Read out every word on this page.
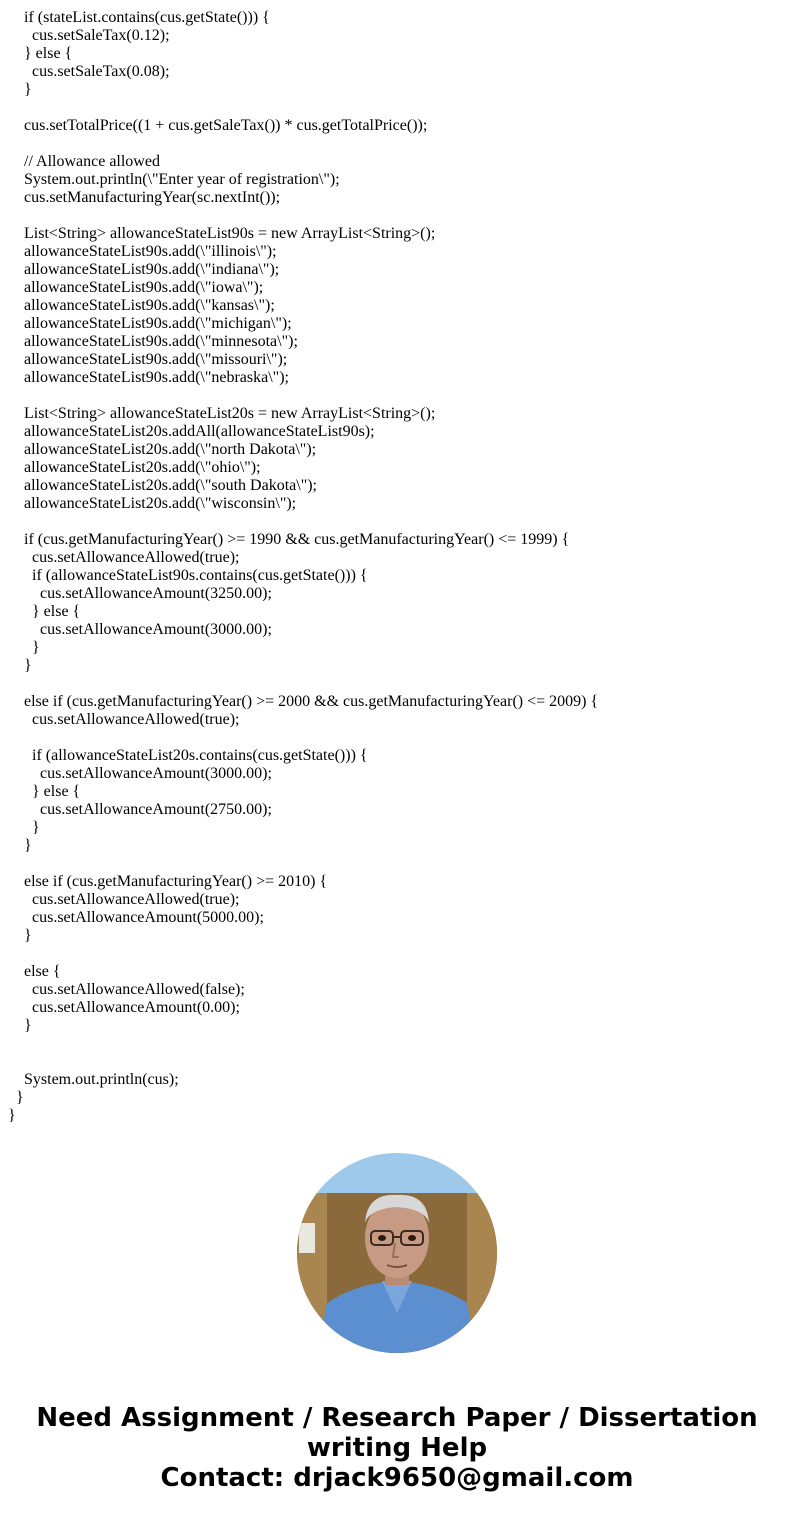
if (stateList.contains(cus.getState())) {
cus.setSaleTax(0.12);
} else {
cus.setSaleTax(0.08);
}
cus.setTotalPrice((1 + cus.getSaleTax()) * cus.getTotalPrice());
// Allowance allowed
System.out.println(\"Enter year of registration\");
cus.setManufacturingYear(sc.nextInt());
List<String> allowanceStateList90s = new ArrayList<String>();
allowanceStateList90s.add(\"illinois\");
allowanceStateList90s.add(\"indiana\");
allowanceStateList90s.add(\"iowa\");
allowanceStateList90s.add(\"kansas\");
allowanceStateList90s.add(\"michigan\");
allowanceStateList90s.add(\"minnesota\");
allowanceStateList90s.add(\"missouri\");
allowanceStateList90s.add(\"nebraska\");
List<String> allowanceStateList20s = new ArrayList<String>();
allowanceStateList20s.addAll(allowanceStateList90s);
allowanceStateList20s.add(\"north Dakota\");
allowanceStateList20s.add(\"ohio\");
allowanceStateList20s.add(\"south Dakota\");
allowanceStateList20s.add(\"wisconsin\");
if (cus.getManufacturingYear() >= 1990 && cus.getManufacturingYear() <= 1999) {
cus.setAllowanceAllowed(true);
if (allowanceStateList90s.contains(cus.getState())) {
cus.setAllowanceAmount(3250.00);
} else {
cus.setAllowanceAmount(3000.00);
}
}
else if (cus.getManufacturingYear() >= 2000 && cus.getManufacturingYear() <= 2009) {
cus.setAllowanceAllowed(true);
if (allowanceStateList20s.contains(cus.getState())) {
cus.setAllowanceAmount(3000.00);
} else {
cus.setAllowanceAmount(2750.00);
}
}
else if (cus.getManufacturingYear() >= 2010) {
cus.setAllowanceAllowed(true);
cus.setAllowanceAmount(5000.00);
}
else {
cus.setAllowanceAllowed(false);
cus.setAllowanceAmount(0.00);
}
System.out.println(cus);
}
}
Need Assignment / Research Paper / Dissertation
writing Help
Contact: drjack9650@gmail.com
